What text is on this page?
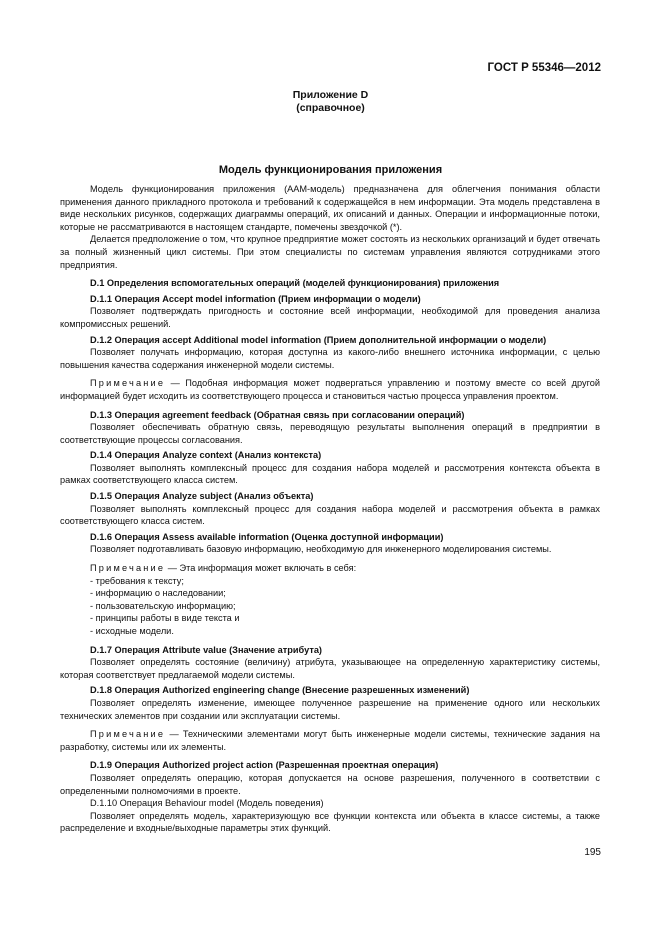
ГОСТ Р 55346—2012
Приложение D
(справочное)
Модель функционирования приложения

Модель функционирования приложения (ААМ-модель) предназначена для облегчения понимания области применения данного прикладного протокола и требований к содержащейся в нем информации. Эта модель представлена в виде нескольких рисунков, содержащих диаграммы операций, их описаний и данных. Операции и информационные потоки, которые не рассматриваются в настоящем стандарте, помечены звездочкой (*).

Делается предположение о том, что крупное предприятие может состоять из нескольких организаций и будет отвечать за полный жизненный цикл системы. При этом специалисты по системам управления являются сотрудниками этого предприятия.

D.1 Определения вспомогательных операций (моделей функционирования) приложения

D.1.1 Операция Accept model information (Прием информации о модели)

Позволяет подтверждать пригодность и состояние всей информации, необходимой для проведения анализа компромиссных решений.

D.1.2 Операция accept Additional model information (Прием дополнительной информации о модели)

Позволяет получать информацию, которая доступна из какого-либо внешнего источника информации, с целью повышения качества содержания инженерной модели системы.

Примечание — Подобная информация может подвергаться управлению и поэтому вместе со всей другой информацией будет исходить из соответствующего процесса и становиться частью процесса управления проектом.

D.1.3 Операция agreement feedback (Обратная связь при согласовании операций)

Позволяет обеспечивать обратную связь, переводящую результаты выполнения операций в предприятии в соответствующие процессы согласования.

D.1.4 Операция Analyze context (Анализ контекста)

Позволяет выполнять комплексный процесс для создания набора моделей и рассмотрения контекста объекта в рамках соответствующего класса систем.

D.1.5 Операция Analyze subject (Анализ объекта)

Позволяет выполнять комплексный процесс для создания набора моделей и рассмотрения объекта в рамках соответствующего класса систем.

D.1.6 Операция Assess available information (Оценка доступной информации)

Позволяет подготавливать базовую информацию, необходимую для инженерного моделирования системы.

Примечание — Эта информация может включать в себя:

- требования к тексту;

- информацию о наследовании;

- пользовательскую информацию;

- принципы работы в виде текста и

- исходные модели.

D.1.7 Операция Attribute value (Значение атрибута)

Позволяет определять состояние (величину) атрибута, указывающее на определенную характеристику системы, которая соответствует предлагаемой модели системы.

D.1.8 Операция Authorized engineering change (Внесение разрешенных изменений)

Позволяет определять изменение, имеющее полученное разрешение на применение одного или нескольких технических элементов при создании или эксплуатации системы.

Примечание — Техническими элементами могут быть инженерные модели системы, технические задания на разработку, системы или их элементы.

D.1.9 Операция Authorized project action (Разрешенная проектная операция)

Позволяет определять операцию, которая допускается на основе разрешения, полученного в соответствии с определенными полномочиями в проекте.

D.1.10 Операция Behaviour model (Модель поведения)

Позволяет определять модель, характеризующую все функции контекста или объекта в классе системы, а также распределение и входные/выходные параметры этих функций.

195
